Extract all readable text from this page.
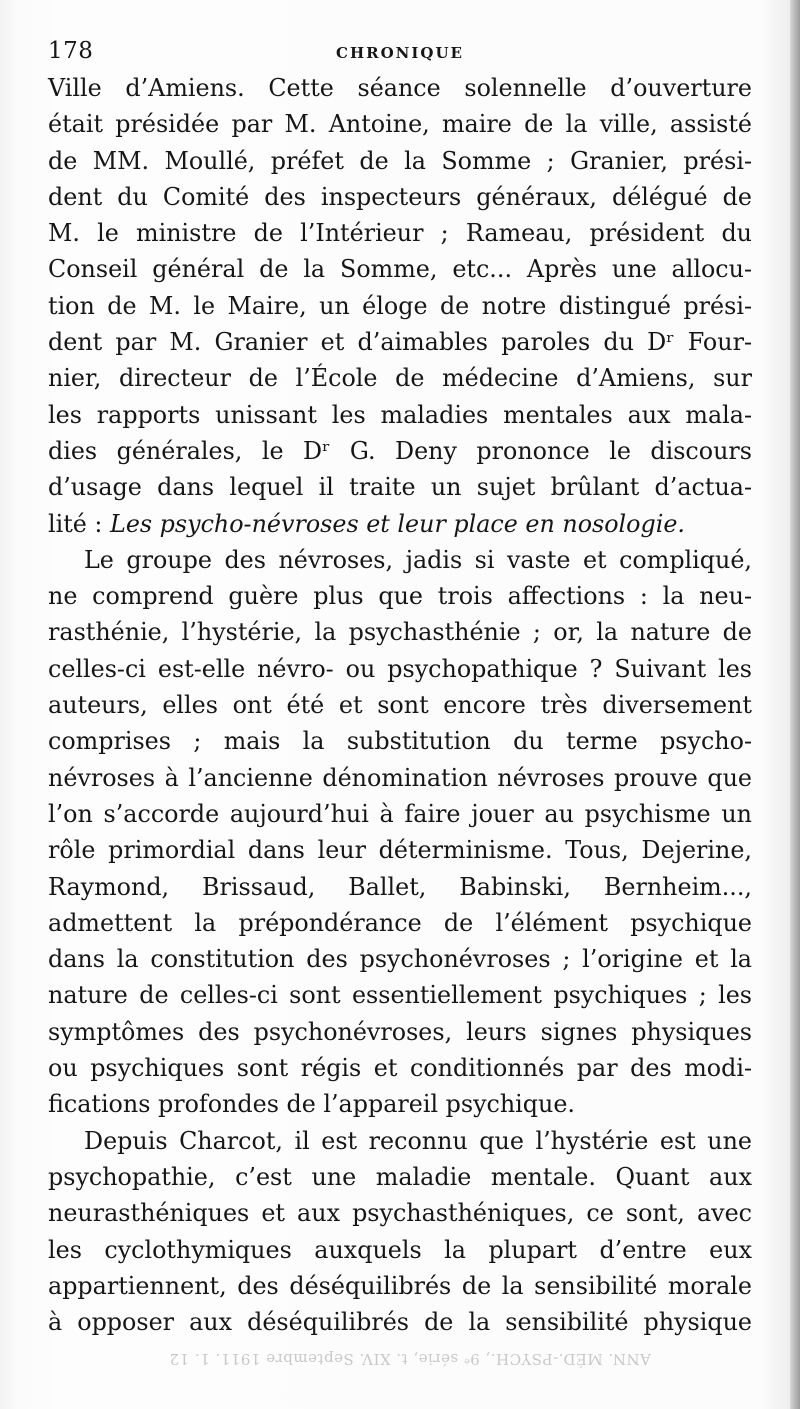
178	CHRONIQUE
Ville d’Amiens. Cette séance solennelle d’ouverture
était présidée par M. Antoine, maire de la ville, assisté
de MM. Moullé, préfet de la Somme ; Granier, prési-
dent du Comité des inspecteurs généraux, délégué de
M. le ministre de l’Intérieur ; Rameau, président du
Conseil général de la Somme, etc... Après une allocu-
tion de M. le Maire, un éloge de notre distingué prési-
dent par M. Granier et d’aimables paroles du Dʳ Four-
nier, directeur de l’École de médecine d’Amiens, sur
les rapports unissant les maladies mentales aux mala-
dies générales, le Dʳ G. Deny prononce le discours
d’usage dans lequel il traite un sujet brûlant d’actua-
lité : Les psycho-névroses et leur place en nosologie.
Le groupe des névroses, jadis si vaste et compliqué,
ne comprend guère plus que trois affections : la neu-
rasthénie, l’hystérie, la psychasthénie ; or, la nature de
celles-ci est-elle névro- ou psychopathique ? Suivant les
auteurs, elles ont été et sont encore très diversement
comprises ; mais la substitution du terme psycho-
névroses à l’ancienne dénomination névroses prouve que
l’on s’accorde aujourd’hui à faire jouer au psychisme un
rôle primordial dans leur déterminisme. Tous, Dejerine,
Raymond, Brissaud, Ballet, Babinski, Bernheim...,
admettent la prépondérance de l’élément psychique
dans la constitution des psychonévroses ; l’origine et la
nature de celles-ci sont essentiellement psychiques ; les
symptômes des psychonévroses, leurs signes physiques
ou psychiques sont régis et conditionnés par des modi-
fications profondes de l’appareil psychique.
Depuis Charcot, il est reconnu que l’hystérie est une
psychopathie, c’est une maladie mentale. Quant aux
neurasthéniques et aux psychasthéniques, ce sont, avec
les cyclothymiques auxquels la plupart d’entre eux
appartiennent, des déséquilibrés de la sensibilité morale
à opposer aux déséquilibrés de la sensibilité physique
ANN. MÉD.-PSYCH., 9ᵉ série, t. XIV. Septembre 1911. 1. 12
